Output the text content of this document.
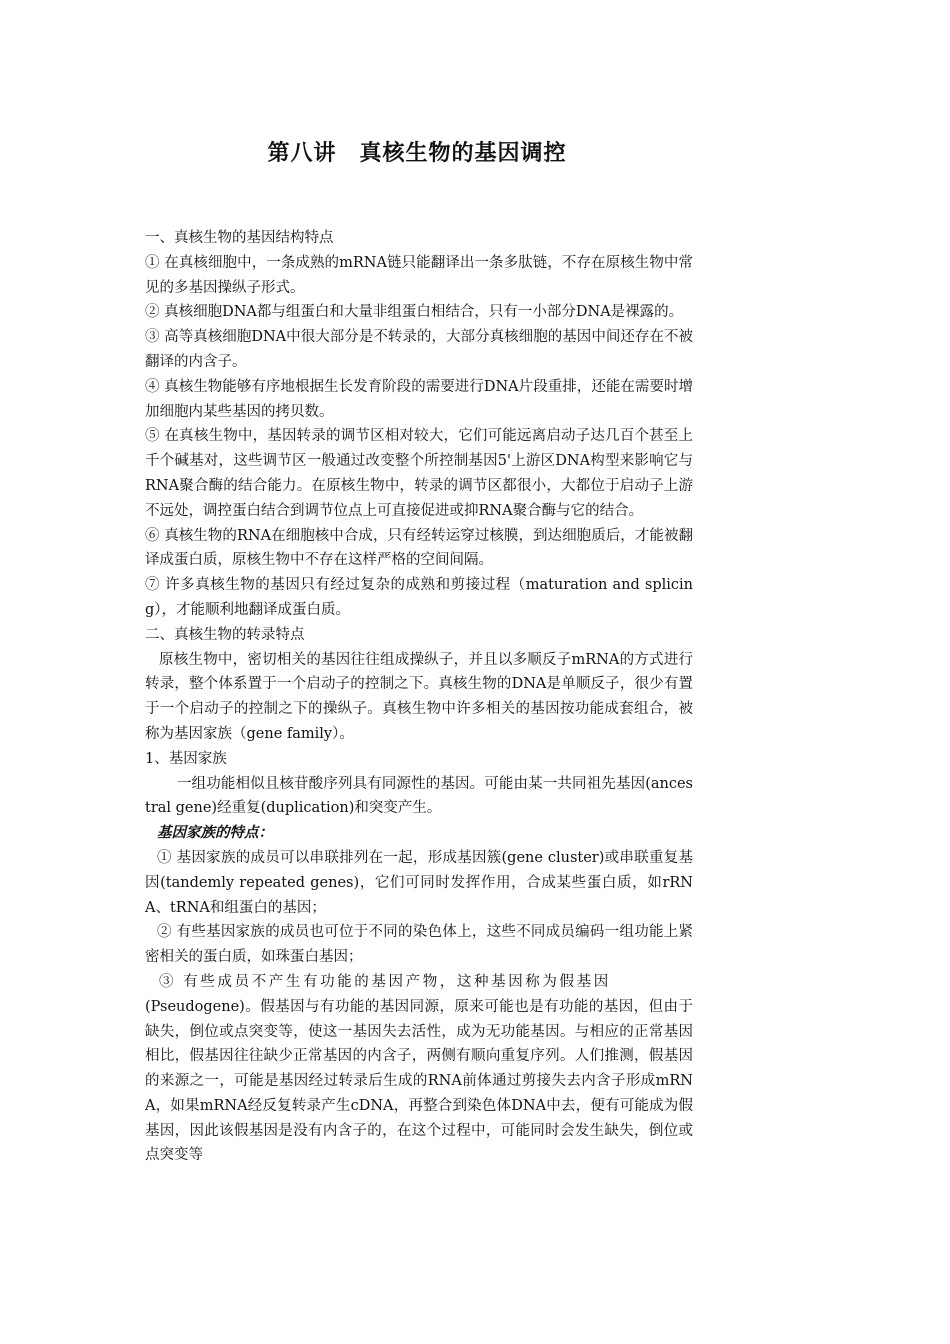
第八讲　真核生物的基因调控

一、真核生物的基因结构特点

① 在真核细胞中，一条成熟的mRNA链只能翻译出一条多肽链，不存在原核生物中常见的多基因操纵子形式。

② 真核细胞DNA都与组蛋白和大量非组蛋白相结合，只有一小部分DNA是裸露的。

③ 高等真核细胞DNA中很大部分是不转录的，大部分真核细胞的基因中间还存在不被翻译的内含子。

④ 真核生物能够有序地根据生长发育阶段的需要进行DNA片段重排，还能在需要时增加细胞内某些基因的拷贝数。

⑤ 在真核生物中，基因转录的调节区相对较大，它们可能远离启动子达几百个甚至上千个碱基对，这些调节区一般通过改变整个所控制基因5'上游区DNA构型来影响它与RNA聚合酶的结合能力。在原核生物中，转录的调节区都很小，大都位于启动子上游不远处，调控蛋白结合到调节位点上可直接促进或抑RNA聚合酶与它的结合。

⑥ 真核生物的RNA在细胞核中合成，只有经转运穿过核膜，到达细胞质后，才能被翻译成蛋白质，原核生物中不存在这样严格的空间间隔。

⑦ 许多真核生物的基因只有经过复杂的成熟和剪接过程（maturation and splicing），才能顺利地翻译成蛋白质。

二、真核生物的转录特点

原核生物中，密切相关的基因往往组成操纵子，并且以多顺反子mRNA的方式进行转录，整个体系置于一个启动子的控制之下。真核生物的DNA是单顺反子，很少有置于一个启动子的控制之下的操纵子。真核生物中许多相关的基因按功能成套组合，被称为基因家族（gene family）。

1、基因家族

一组功能相似且核苷酸序列具有同源性的基因。可能由某一共同祖先基因(ancestral gene)经重复(duplication)和突变产生。

基因家族的特点：

① 基因家族的成员可以串联排列在一起，形成基因簇(gene cluster)或串联重复基因(tandemly repeated genes)，它们可同时发挥作用，合成某些蛋白质，如rRNA、tRNA和组蛋白的基因；

② 有些基因家族的成员也可位于不同的染色体上，这些不同成员编码一组功能上紧密相关的蛋白质，如珠蛋白基因；

③ 有些成员不产生有功能的基因产物，这种基因称为假基因

(Pseudogene)。假基因与有功能的基因同源，原来可能也是有功能的基因，但由于缺失，倒位或点突变等，使这一基因失去活性，成为无功能基因。与相应的正常基因相比，假基因往往缺少正常基因的内含子，两侧有顺向重复序列。人们推测，假基因的来源之一，可能是基因经过转录后生成的RNA前体通过剪接失去内含子形成mRNA，如果mRNA经反复转录产生cDNA，再整合到染色体DNA中去，便有可能成为假基因，因此该假基因是没有内含子的，在这个过程中，可能同时会发生缺失，倒位或点突变等
